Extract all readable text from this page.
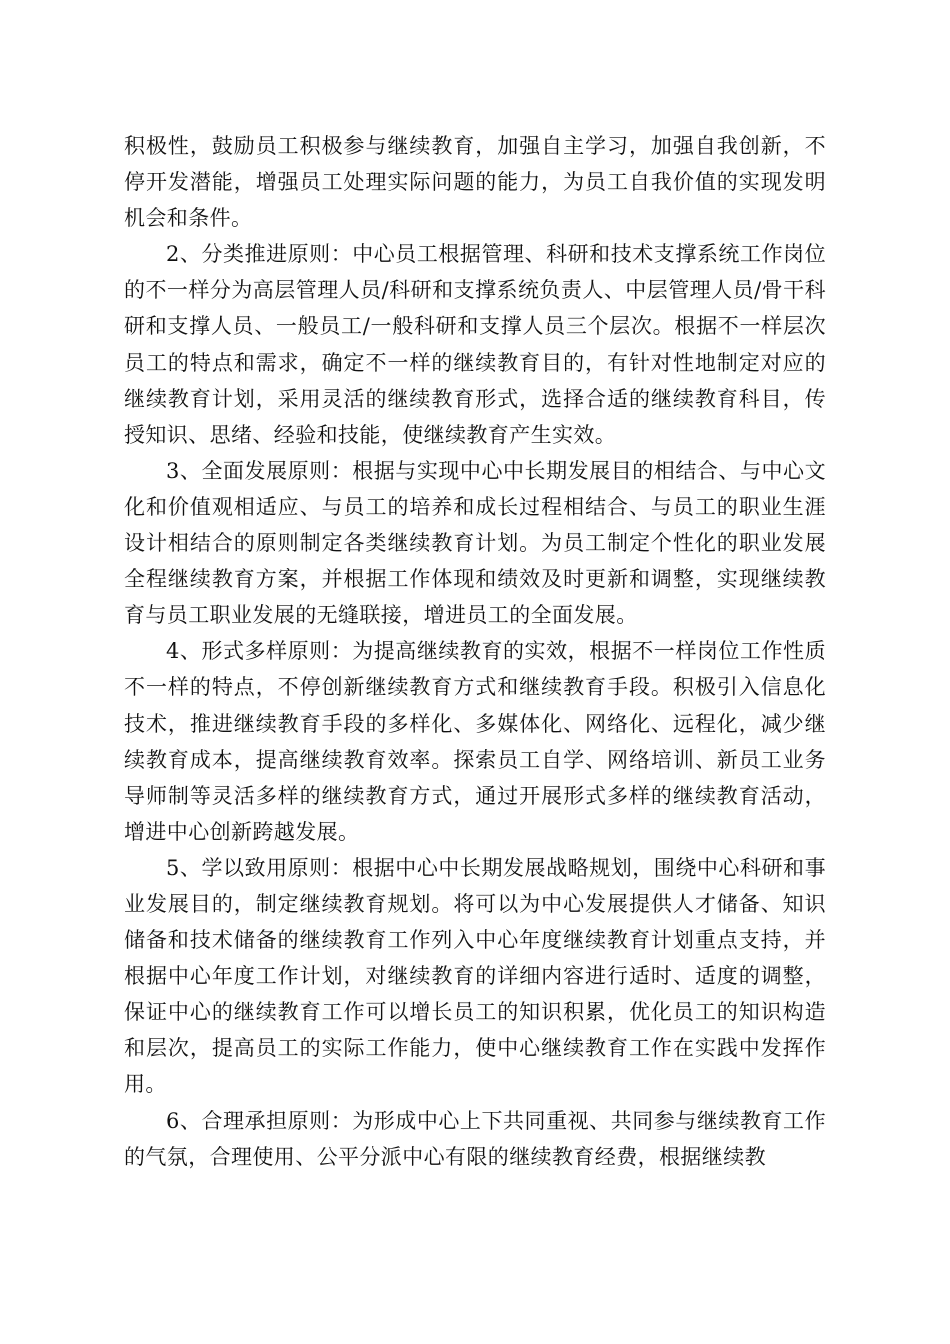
积极性，鼓励员工积极参与继续教育，加强自主学习，加强自我创新，不停开发潜能，增强员工处理实际问题的能力，为员工自我价值的实现发明机会和条件。

2、分类推进原则：中心员工根据管理、科研和技术支撑系统工作岗位的不一样分为高层管理人员/科研和支撑系统负责人、中层管理人员/骨干科研和支撑人员、一般员工/一般科研和支撑人员三个层次。根据不一样层次员工的特点和需求，确定不一样的继续教育目的，有针对性地制定对应的继续教育计划，采用灵活的继续教育形式，选择合适的继续教育科目，传授知识、思绪、经验和技能，使继续教育产生实效。

3、全面发展原则：根据与实现中心中长期发展目的相结合、与中心文化和价值观相适应、与员工的培养和成长过程相结合、与员工的职业生涯设计相结合的原则制定各类继续教育计划。为员工制定个性化的职业发展全程继续教育方案，并根据工作体现和绩效及时更新和调整，实现继续教育与员工职业发展的无缝联接，增进员工的全面发展。

4、形式多样原则：为提高继续教育的实效，根据不一样岗位工作性质不一样的特点，不停创新继续教育方式和继续教育手段。积极引入信息化技术，推进继续教育手段的多样化、多媒体化、网络化、远程化，减少继续教育成本，提高继续教育效率。探索员工自学、网络培训、新员工业务导师制等灵活多样的继续教育方式，通过开展形式多样的继续教育活动，增进中心创新跨越发展。

5、学以致用原则：根据中心中长期发展战略规划，围绕中心科研和事业发展目的，制定继续教育规划。将可以为中心发展提供人才储备、知识储备和技术储备的继续教育工作列入中心年度继续教育计划重点支持，并根据中心年度工作计划，对继续教育的详细内容进行适时、适度的调整，保证中心的继续教育工作可以增长员工的知识积累，优化员工的知识构造和层次，提高员工的实际工作能力，使中心继续教育工作在实践中发挥作用。

6、合理承担原则：为形成中心上下共同重视、共同参与继续教育工作的气氛，合理使用、公平分派中心有限的继续教育经费，根据继续教
